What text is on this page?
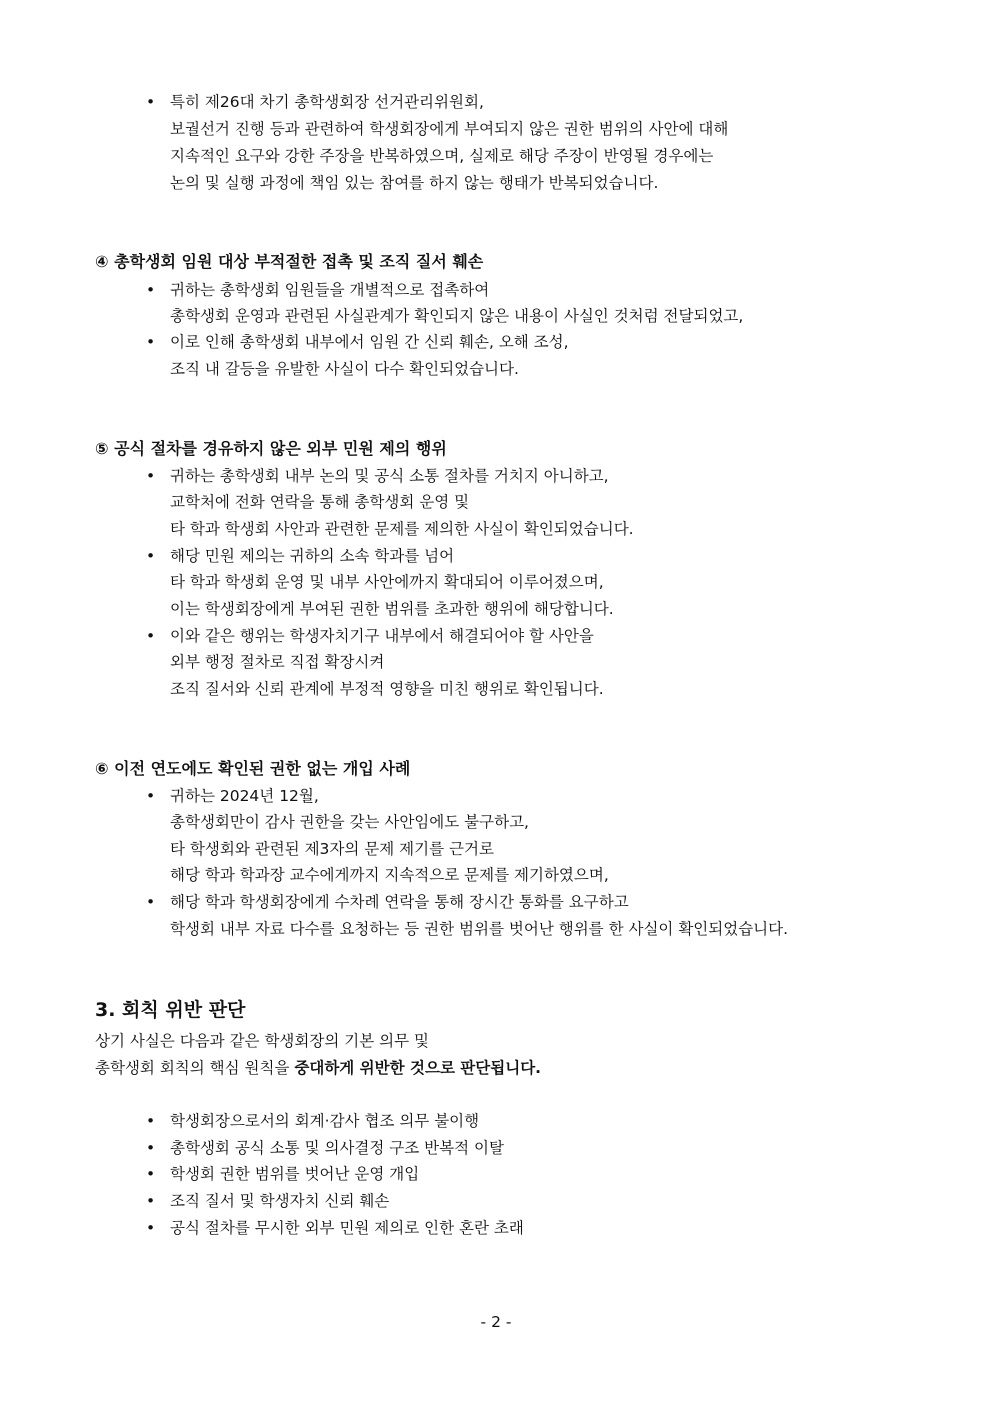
• 특히 제26대 차기 총학생회장 선거관리위원회,
보궐선거 진행 등과 관련하여 학생회장에게 부여되지 않은 권한 범위의 사안에 대해
지속적인 요구와 강한 주장을 반복하였으며, 실제로 해당 주장이 반영될 경우에는
논의 및 실행 과정에 책임 있는 참여를 하지 않는 행태가 반복되었습니다.
④ 총학생회 임원 대상 부적절한 접촉 및 조직 질서 훼손
• 귀하는 총학생회 임원들을 개별적으로 접촉하여
총학생회 운영과 관련된 사실관계가 확인되지 않은 내용이 사실인 것처럼 전달되었고,
• 이로 인해 총학생회 내부에서 임원 간 신뢰 훼손, 오해 조성,
조직 내 갈등을 유발한 사실이 다수 확인되었습니다.
⑤ 공식 절차를 경유하지 않은 외부 민원 제의 행위
• 귀하는 총학생회 내부 논의 및 공식 소통 절차를 거치지 아니하고,
교학처에 전화 연락을 통해 총학생회 운영 및
타 학과 학생회 사안과 관련한 문제를 제의한 사실이 확인되었습니다.
• 해당 민원 제의는 귀하의 소속 학과를 넘어
타 학과 학생회 운영 및 내부 사안에까지 확대되어 이루어졌으며,
이는 학생회장에게 부여된 권한 범위를 초과한 행위에 해당합니다.
• 이와 같은 행위는 학생자치기구 내부에서 해결되어야 할 사안을
외부 행정 절차로 직접 확장시켜
조직 질서와 신뢰 관계에 부정적 영향을 미친 행위로 확인됩니다.
⑥ 이전 연도에도 확인된 권한 없는 개입 사례
• 귀하는 2024년 12월,
총학생회만이 감사 권한을 갖는 사안임에도 불구하고,
타 학생회와 관련된 제3자의 문제 제기를 근거로
해당 학과 학과장 교수에게까지 지속적으로 문제를 제기하였으며,
• 해당 학과 학생회장에게 수차례 연락을 통해 장시간 통화를 요구하고
학생회 내부 자료 다수를 요청하는 등 권한 범위를 벗어난 행위를 한 사실이 확인되었습니다.
3. 회칙 위반 판단
상기 사실은 다음과 같은 학생회장의 기본 의무 및
총학생회 회칙의 핵심 원칙을 중대하게 위반한 것으로 판단됩니다.
• 학생회장으로서의 회계·감사 협조 의무 불이행
• 총학생회 공식 소통 및 의사결정 구조 반복적 이탈
• 학생회 권한 범위를 벗어난 운영 개입
• 조직 질서 및 학생자치 신뢰 훼손
• 공식 절차를 무시한 외부 민원 제의로 인한 혼란 초래
- 2 -
